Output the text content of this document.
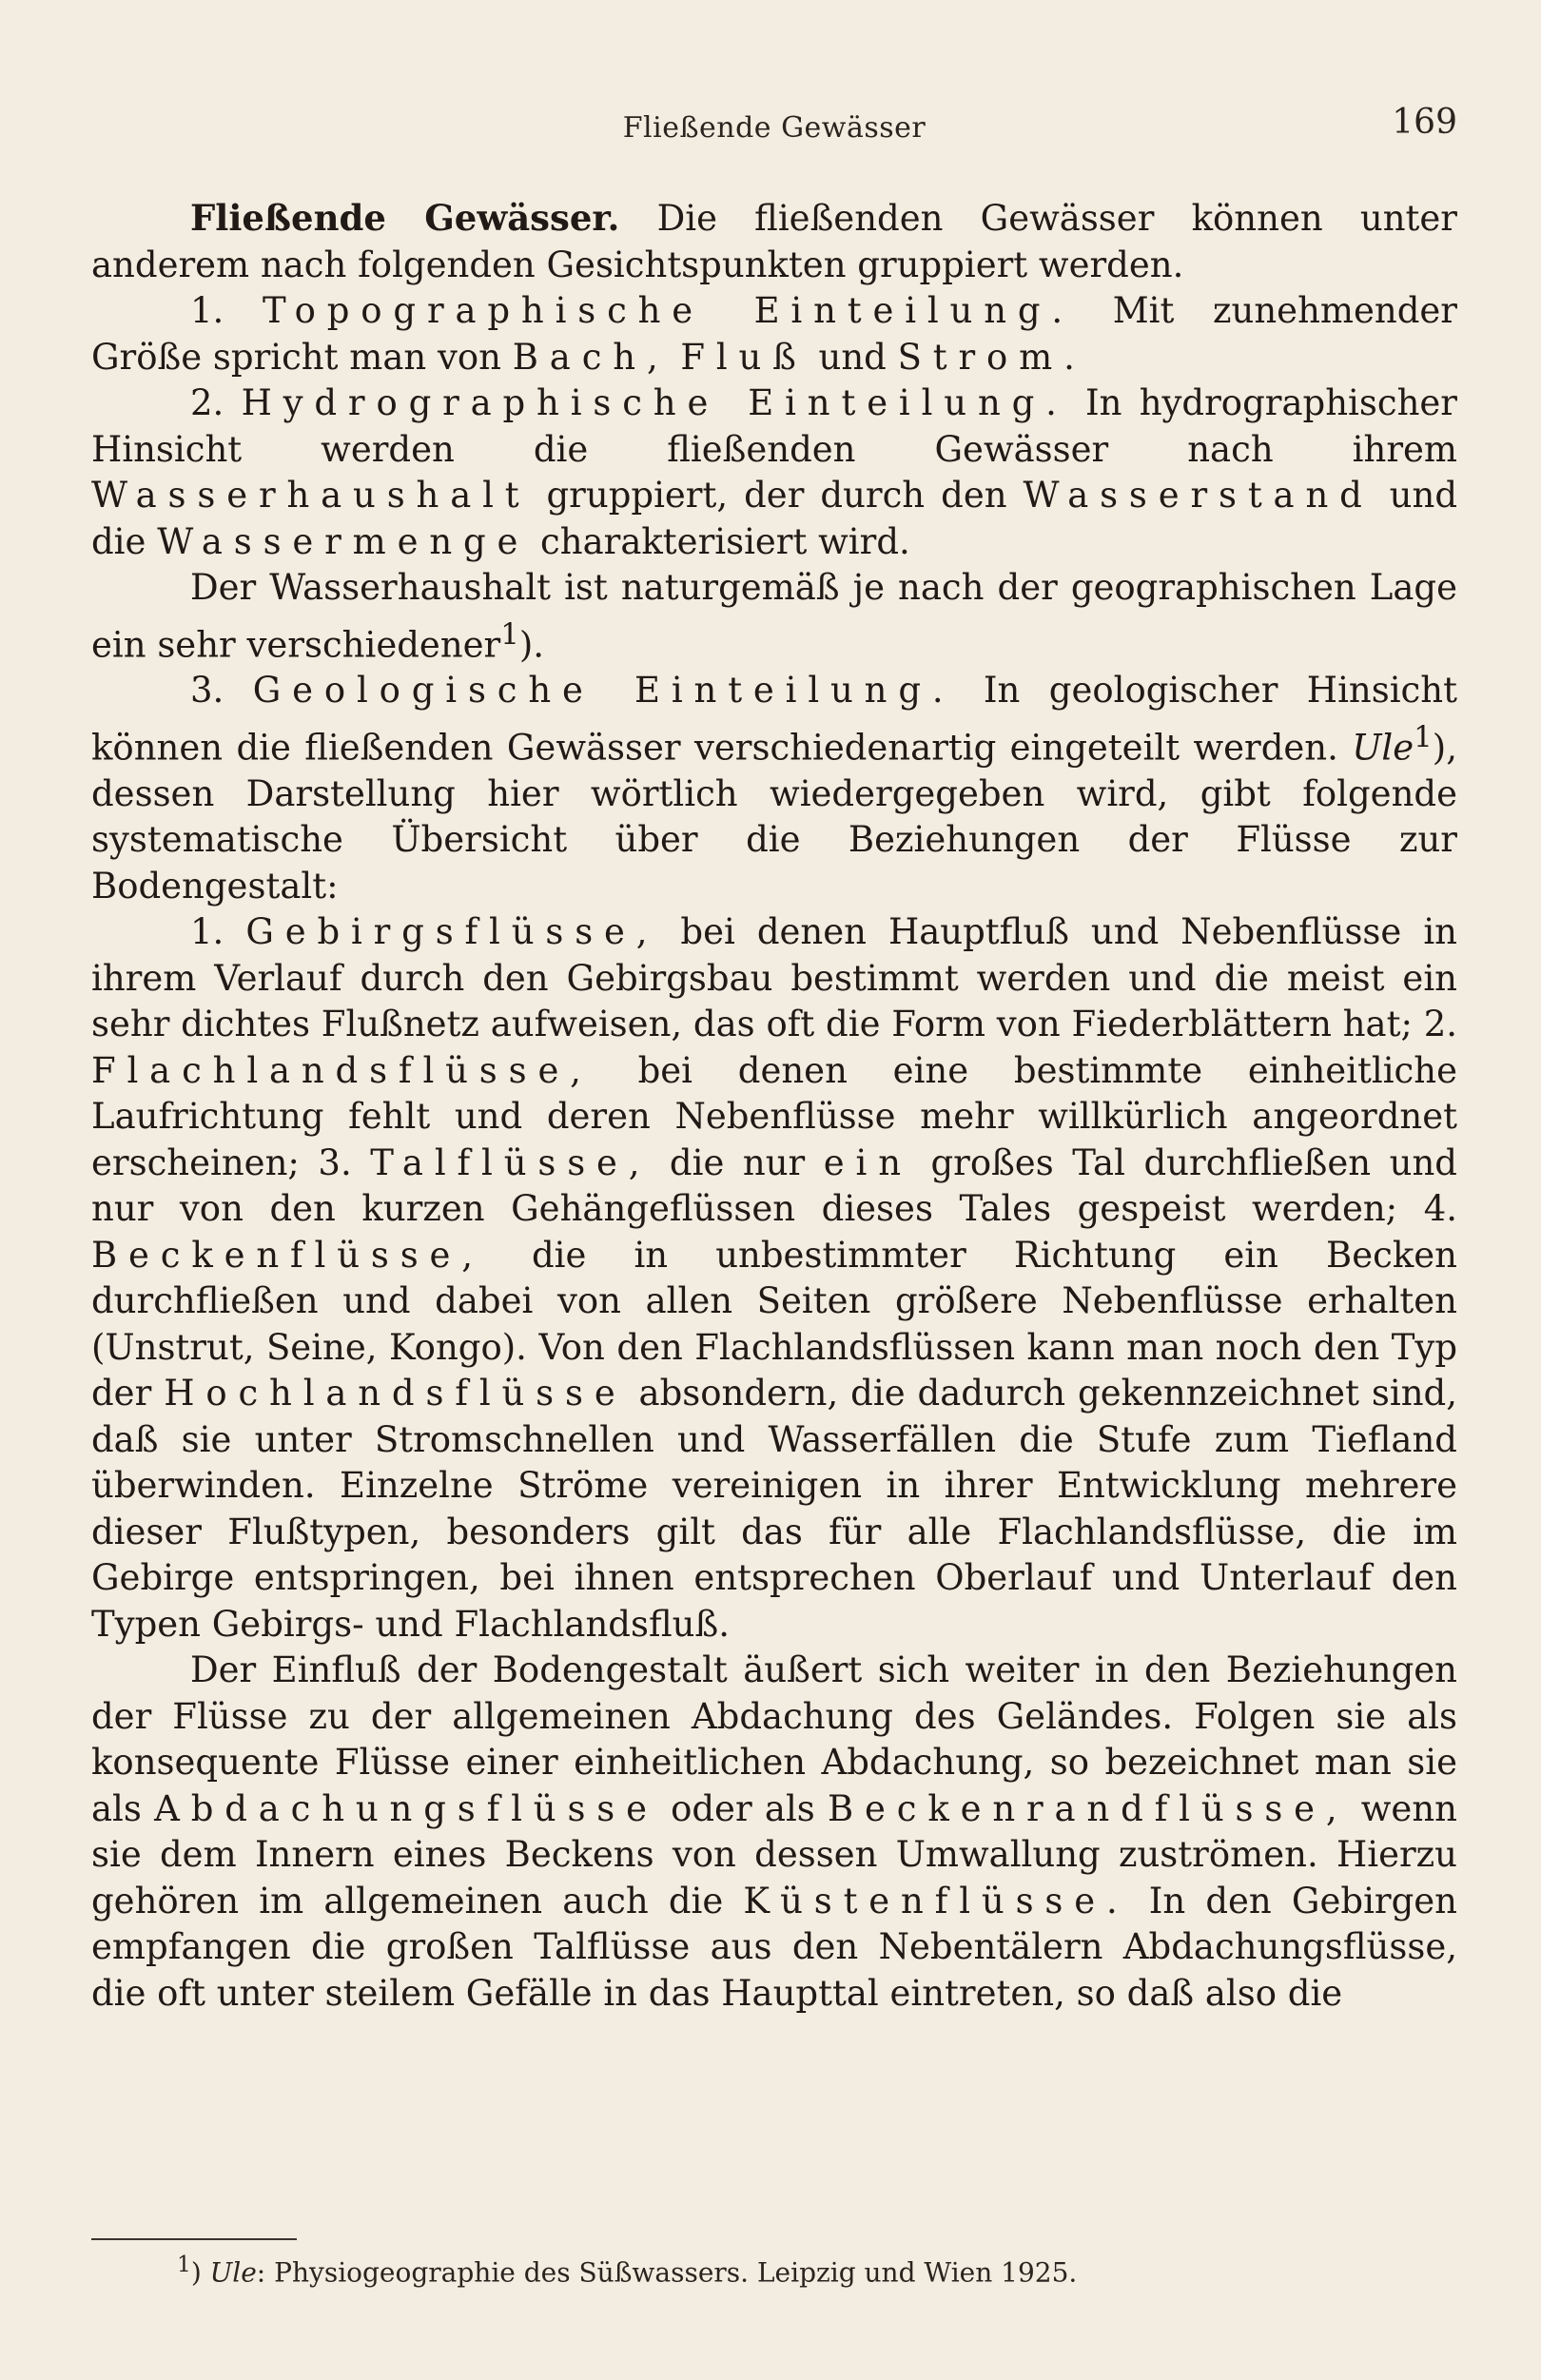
Fließende Gewässer	169

Fließende Gewässer. Die fließenden Gewässer können unter anderem nach folgenden Gesichtspunkten gruppiert werden.

1. Topographische Einteilung. Mit zunehmender Größe spricht man von Bach, Fluß und Strom.

2. Hydrographische Einteilung. In hydrographischer Hinsicht werden die fließenden Gewässer nach ihrem Wasserhaushalt gruppiert, der durch den Wasserstand und die Wassermenge charakterisiert wird.

Der Wasserhaushalt ist naturgemäß je nach der geographischen Lage ein sehr verschiedener$^1$).

3. Geologische Einteilung. In geologischer Hinsicht können die fließenden Gewässer verschiedenartig eingeteilt werden. Ule$^1$), dessen Darstellung hier wörtlich wiedergegeben wird, gibt folgende systematische Übersicht über die Beziehungen der Flüsse zur Bodengestalt:

1. Gebirgsflüsse, bei denen Hauptfluß und Nebenflüsse in ihrem Verlauf durch den Gebirgsbau bestimmt werden und die meist ein sehr dichtes Flußnetz aufweisen, das oft die Form von Fiederblättern hat; 2. Flachlandsflüsse, bei denen eine bestimmte einheitliche Laufrichtung fehlt und deren Nebenflüsse mehr willkürlich angeordnet erscheinen; 3. Talflüsse, die nur ein großes Tal durchfließen und nur von den kurzen Gehängeflüssen dieses Tales gespeist werden; 4. Beckenflüsse, die in unbestimmter Richtung ein Becken durchfließen und dabei von allen Seiten größere Nebenflüsse erhalten (Unstrut, Seine, Kongo). Von den Flachlandsflüssen kann man noch den Typ der Hochlandsflüsse absondern, die dadurch gekennzeichnet sind, daß sie unter Stromschnellen und Wasserfällen die Stufe zum Tiefland überwinden. Einzelne Ströme vereinigen in ihrer Entwicklung mehrere dieser Flußtypen, besonders gilt das für alle Flachlandsflüsse, die im Gebirge entspringen, bei ihnen entsprechen Oberlauf und Unterlauf den Typen Gebirgs- und Flachlandsfluß.

Der Einfluß der Bodengestalt äußert sich weiter in den Beziehungen der Flüsse zu der allgemeinen Abdachung des Geländes. Folgen sie als konsequente Flüsse einer einheitlichen Abdachung, so bezeichnet man sie als Abdachungsflüsse oder als Beckenrandflüsse, wenn sie dem Innern eines Beckens von dessen Umwallung zuströmen. Hierzu gehören im allgemeinen auch die Küstenflüsse. In den Gebirgen empfangen die großen Talflüsse aus den Nebentälern Abdachungsflüsse, die oft unter steilem Gefälle in das Haupttal eintreten, so daß also die

$^1$) Ule: Physiogeographie des Süßwassers. Leipzig und Wien 1925.
